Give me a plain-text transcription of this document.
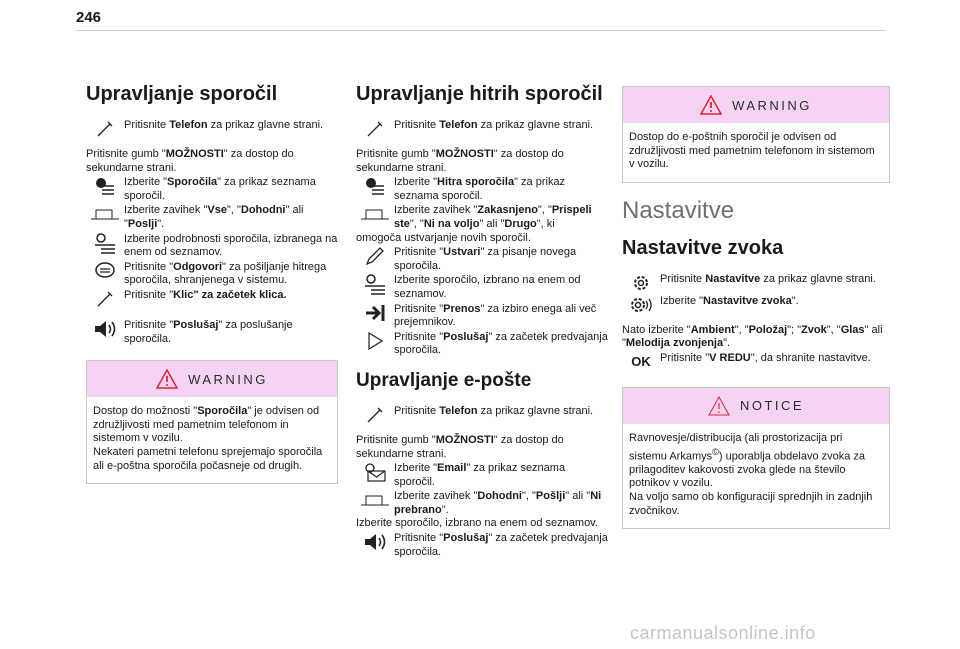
246
Upravljanje sporočil
Pritisnite Telefon za prikaz glavne strani.

Pritisnite gumb "MOŽNOSTI" za dostop do sekundarne strani.

Izberite "Sporočila" za prikaz seznama sporočil.
Izberite zavihek "Vse", "Dohodni" ali "Poslji".
Izberite podrobnosti sporočila, izbranega na enem od seznamov.
Pritisnite "Odgovori" za pošiljanje hitrega sporočila, shranjenega v sistemu.
Pritisnite "Klic" za začetek klica.
Pritisnite "Poslušaj" za poslušanje sporočila.
WARNING

Dostop do možnosti "Sporočila" je odvisen od združljivosti med pametnim telefonom in sistemom v vozilu.
Nekateri pametni telefonu sprejemajo sporočila ali e-poštna sporočila počasneje od drugih.

Upravljanje hitrih sporočil
Pritisnite Telefon za prikaz glavne strani.

Pritisnite gumb "MOŽNOSTI" za dostop do sekundarne strani.

Izberite "Hitra sporočila" za prikaz seznama sporočil.
Izberite zavihek "Zakasnjeno", "Prispeli ste", "Ni na voljo" ali "Drugo", ki

omogoča ustvarjanje novih sporočil.

Pritisnite "Ustvari" za pisanje novega sporočila.
Izberite sporočilo, izbrano na enem od seznamov.
Pritisnite "Prenos" za izbiro enega ali več prejemnikov.
Pritisnite "Poslušaj" za začetek predvajanja sporočila.
Upravljanje e-pošte
Pritisnite Telefon za prikaz glavne strani.

Pritisnite gumb "MOŽNOSTI" za dostop do sekundarne strani.

Izberite "Email" za prikaz seznama sporočil.
Izberite zavihek "Dohodni", "Pošlji" ali "Ni prebrano".

Izberite sporočilo, izbrano na enem od seznamov.

Pritisnite "Poslušaj" za začetek predvajanja sporočila.
WARNING

Dostop do e-poštnih sporočil je odvisen od združljivosti med pametnim telefonom in sistemom v vozilu.

Nastavitve
Nastavitve zvoka
Pritisnite Nastavitve za prikaz glavne strani.
Izberite "Nastavitve zvoka".

Nato izberite "Ambient", "Položaj"; "Zvok", "Glas" ali "Melodija zvonjenja".

OK Pritisnite "V REDU", da shranite nastavitve.
NOTICE

Ravnovesje/distribucija (ali prostorizacija pri sistemu Arkamys©) uporablja obdelavo zvoka za prilagoditev kakovosti zvoka glede na število potnikov v vozilu.
Na voljo samo ob konfiguraciji sprednjih in zadnjih zvočnikov.

carmanualsonline.info
